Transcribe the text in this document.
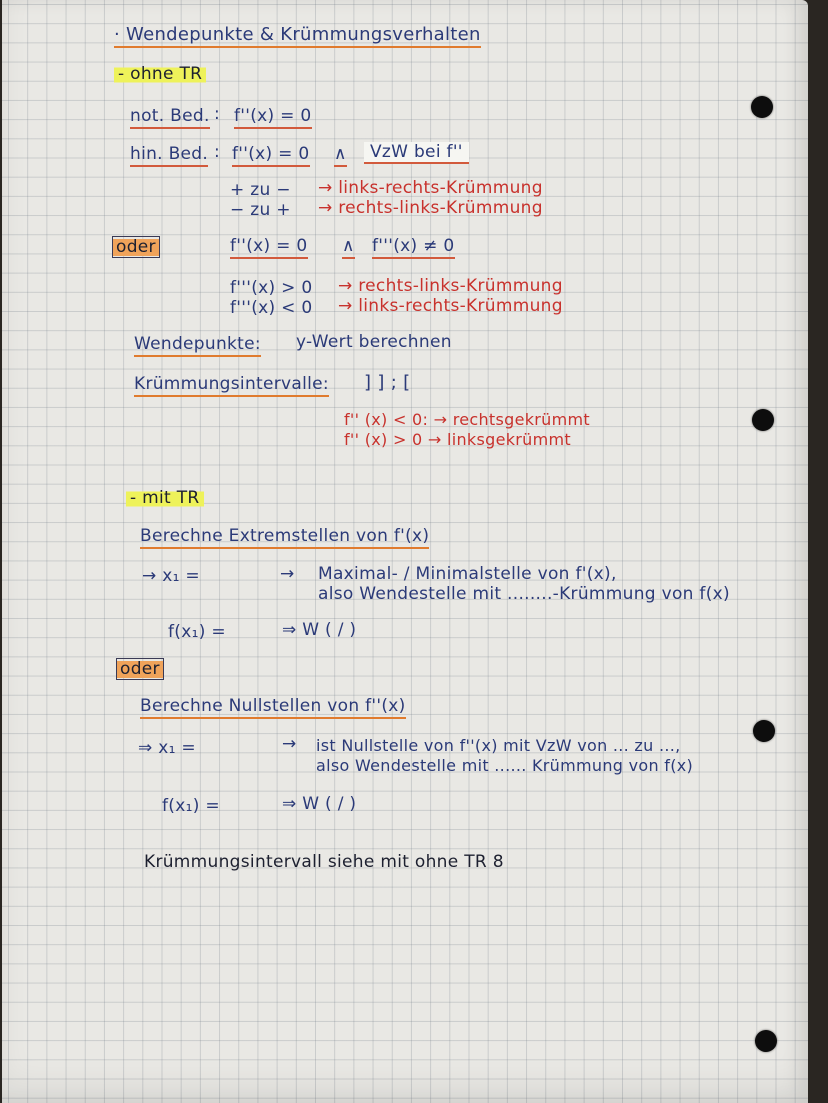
· Wendepunkte & Krümmungsverhalten
- ohne TR
not. Bed. : f''(x) = 0
hin. Bed. : f''(x) = 0 ∧	VzW bei f''
+ zu − → links-rechts-Krümmung
− zu + → rechts-links-Krümmung
oder	f''(x) = 0 ∧ f'''(x) ≠ 0
f'''(x) > 0 → rechts-links-Krümmung
f'''(x) < 0 → links-rechts-Krümmung
Wendepunkte: y-Wert berechnen
Krümmungsintervalle: ] ] ; [
f'' (x) < 0: → rechtsgekrümmt
f'' (x) > 0 → linksgekrümmt
- mit TR
Berechne Extremstellen von f'(x)
→ x₁ =	→ Maximal- / Minimalstelle von f'(x),
also Wendestelle mit ........-Krümmung von f(x)
f(x₁) =	⇒ W ( / )
oder
Berechne Nullstellen von f''(x)
⇒ x₁ =	→ ist Nullstelle von f''(x) mit VzW von ... zu ...,
also Wendestelle mit ...... Krümmung von f(x)
f(x₁) =	⇒ W ( / )
Krümmungsintervall siehe mit ohne TR 8
